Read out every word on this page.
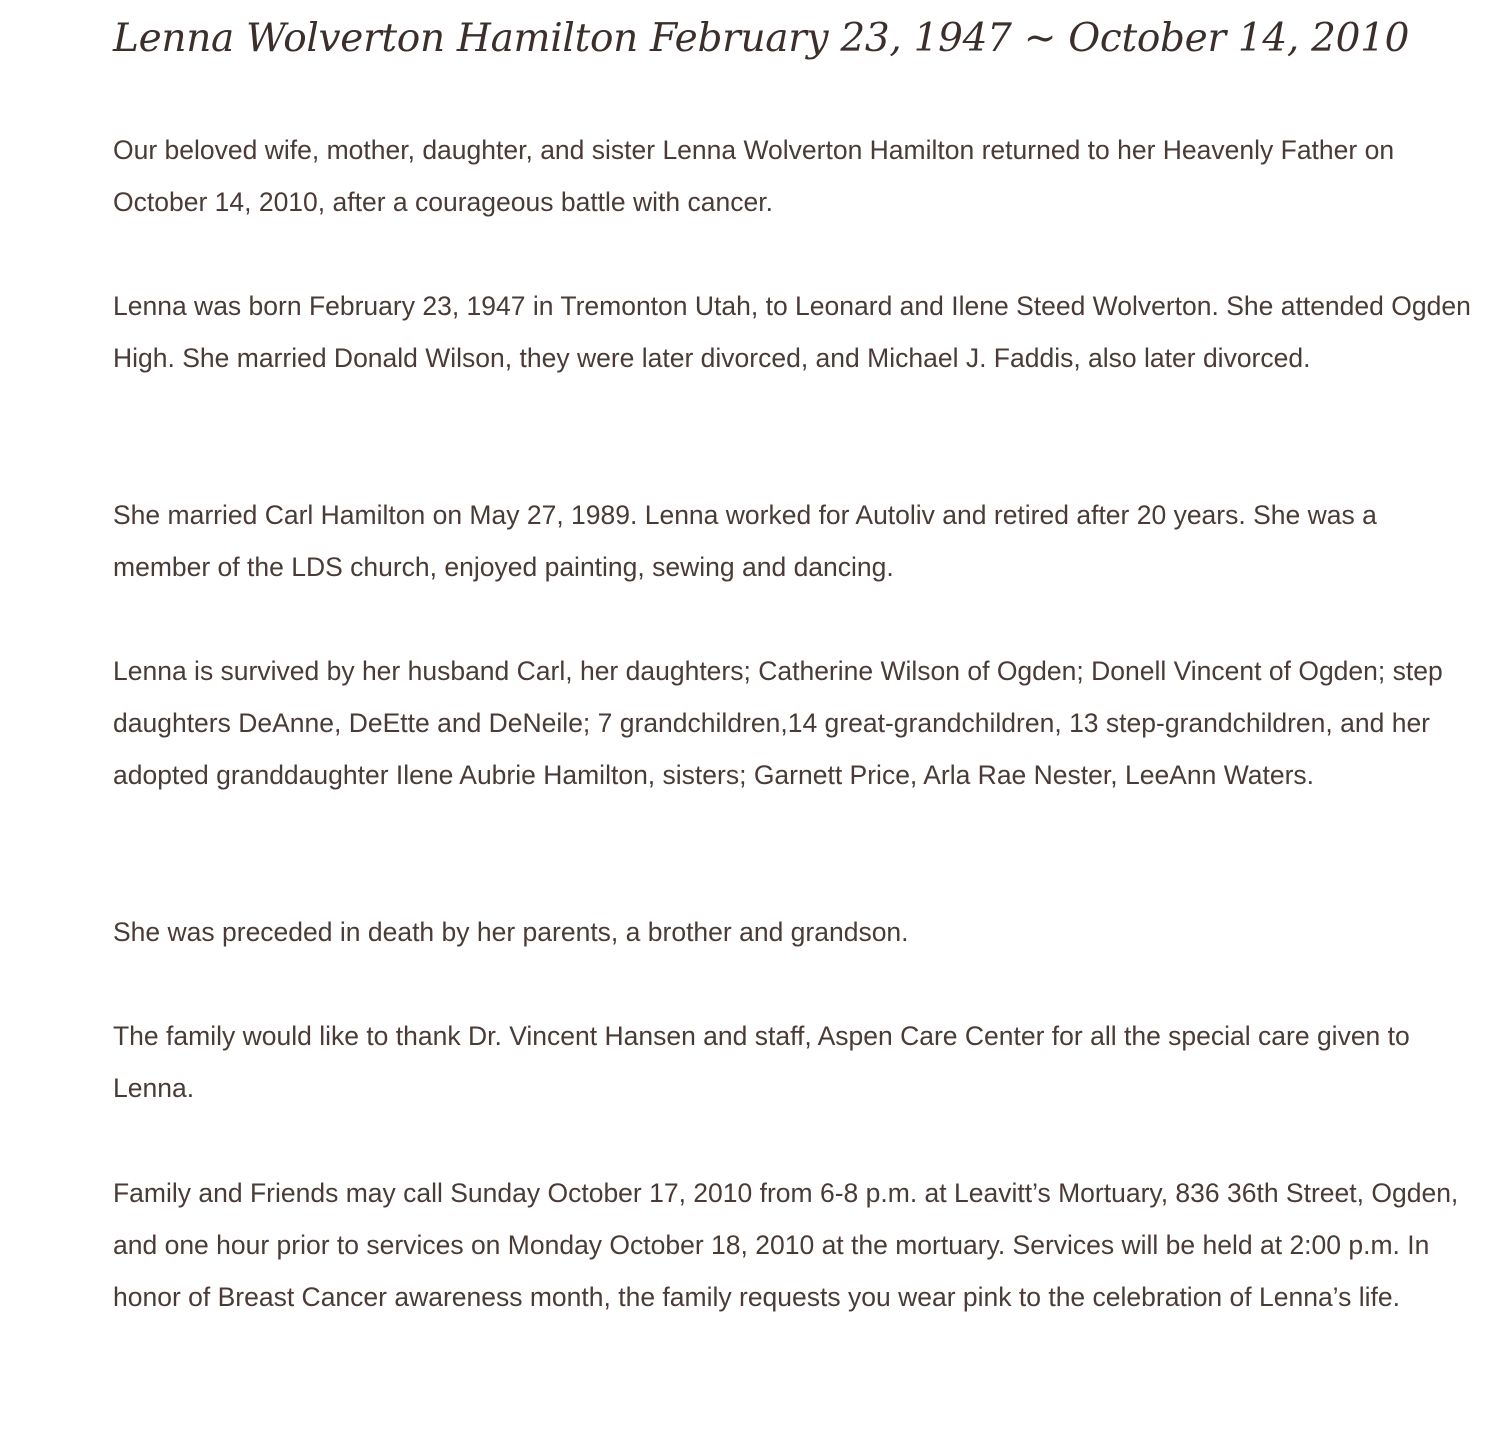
Lenna Wolverton Hamilton February 23, 1947 ~ October 14, 2010

Our beloved wife, mother, daughter, and sister Lenna Wolverton Hamilton returned to her Heavenly Father on October 14, 2010, after a courageous battle with cancer.

Lenna was born February 23, 1947 in Tremonton Utah, to Leonard and Ilene Steed Wolverton. She attended Ogden High. She married Donald Wilson, they were later divorced, and Michael J. Faddis, also later divorced.

She married Carl Hamilton on May 27, 1989. Lenna worked for Autoliv and retired after 20 years. She was a member of the LDS church, enjoyed painting, sewing and dancing.

Lenna is survived by her husband Carl, her daughters; Catherine Wilson of Ogden; Donell Vincent of Ogden; step daughters DeAnne, DeEtte and DeNeile; 7 grandchildren,14 great-grandchildren, 13 step-grandchildren, and her adopted granddaughter Ilene Aubrie Hamilton, sisters; Garnett Price, Arla Rae Nester, LeeAnn Waters.

She was preceded in death by her parents, a brother and grandson.

The family would like to thank Dr. Vincent Hansen and staff, Aspen Care Center for all the special care given to Lenna.

Family and Friends may call Sunday October 17, 2010 from 6-8 p.m. at Leavitt’s Mortuary, 836 36th Street, Ogden, and one hour prior to services on Monday October 18, 2010 at the mortuary. Services will be held at 2:00 p.m. In honor of Breast Cancer awareness month, the family requests you wear pink to the celebration of Lenna’s life.
